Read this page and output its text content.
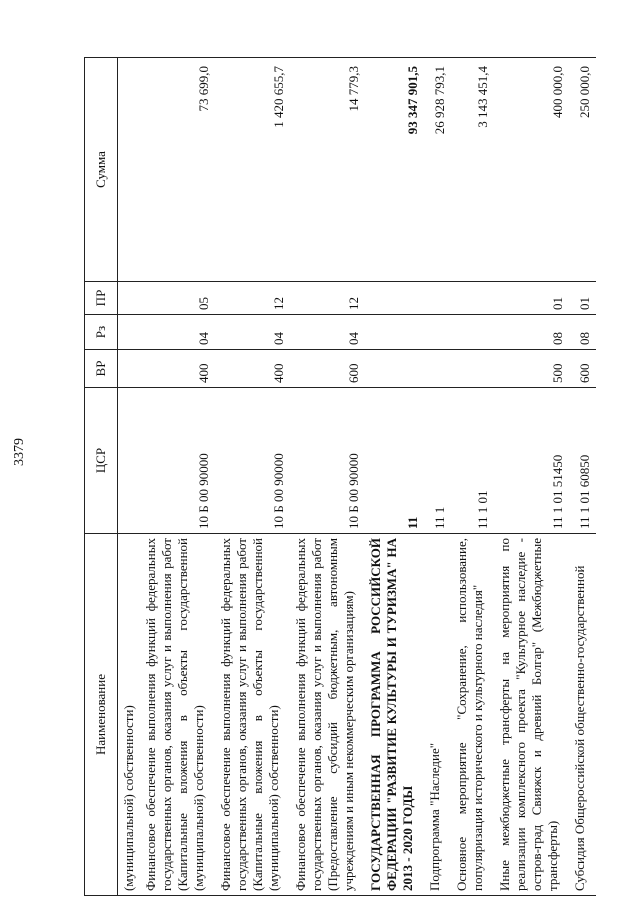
3379
Наименование	ЦСР	ВР	Рз	ПР	Сумма
(муниципальной) собственности)					
Финансовое обеспечение выполнения функций федеральных государственных органов, оказания услуг и выполнения работ (Капитальные вложения в объекты государственной (муниципальной) собственности)	10 Б 00 90000	400	04	05	73 699,0
Финансовое обеспечение выполнения функций федеральных государственных органов, оказания услуг и выполнения работ (Капитальные вложения в объекты государственной (муниципальной) собственности)	10 Б 00 90000	400	04	12	1 420 655,7
Финансовое обеспечение выполнения функций федеральных государственных органов, оказания услуг и выполнения работ (Предоставление субсидий бюджетным, автономным учреждениям и иным некоммерческим организациям)	10 Б 00 90000	600	04	12	14 779,3
ГОСУДАРСТВЕННАЯ ПРОГРАММА РОССИЙСКОЙ ФЕДЕРАЦИИ "РАЗВИТИЕ КУЛЬТУРЫ И ТУРИЗМА" НА 2013 - 2020 ГОДЫ	11				93 347 901,5
Подпрограмма "Наследие"	11 1				26 928 793,1
Основное мероприятие "Сохранение, использование, популяризация исторического и культурного наследия"	11 1 01				3 143 451,4
Иные межбюджетные трансферты на мероприятия по реализации комплексного проекта "Культурное наследие - остров-град Свияжск и древний Болгар" (Межбюджетные трансферты)	11 1 01 51450	500	08	01	400 000,0
Субсидия Общероссийской общественно-государственной	11 1 01 60850	600	08	01	250 000,0
